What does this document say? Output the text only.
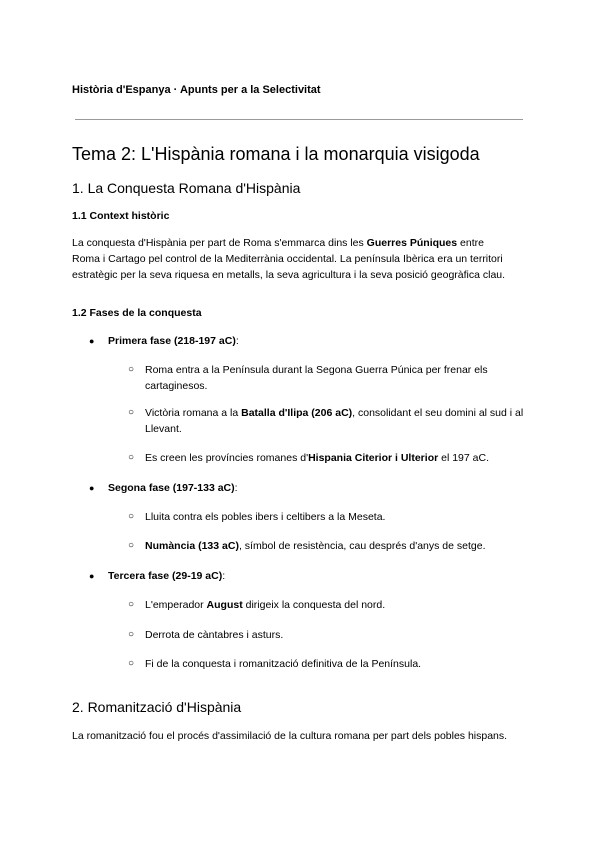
Història d'Espanya · Apunts per a la Selectivitat
Tema 2: L'Hispània romana i la monarquia visigoda
1. La Conquesta Romana d'Hispània
1.1 Context històric

La conquesta d'Hispània per part de Roma s'emmarca dins les Guerres Púniques entre Roma i Cartago pel control de la Mediterrània occidental. La península Ibèrica era un territori estratègic per la seva riquesa en metalls, la seva agricultura i la seva posició geogràfica clau.

1.2 Fases de la conquesta
● Primera fase (218-197 aC):
○ Roma entra a la Península durant la Segona Guerra Púnica per frenar els cartaginesos.
○ Victòria romana a la Batalla d'Ilipa (206 aC), consolidant el seu domini al sud i al Llevant.
○ Es creen les províncies romanes d'Hispania Citerior i Ulterior el 197 aC.
● Segona fase (197-133 aC):
○ Lluita contra els pobles ibers i celtibers a la Meseta.
○ Numància (133 aC), símbol de resistència, cau després d'anys de setge.
● Tercera fase (29-19 aC):
○ L'emperador August dirigeix la conquesta del nord.
○ Derrota de càntabres i asturs.
○ Fi de la conquesta i romanització definitiva de la Península.
2. Romanització d'Hispània

La romanització fou el procés d'assimilació de la cultura romana per part dels pobles hispans.
